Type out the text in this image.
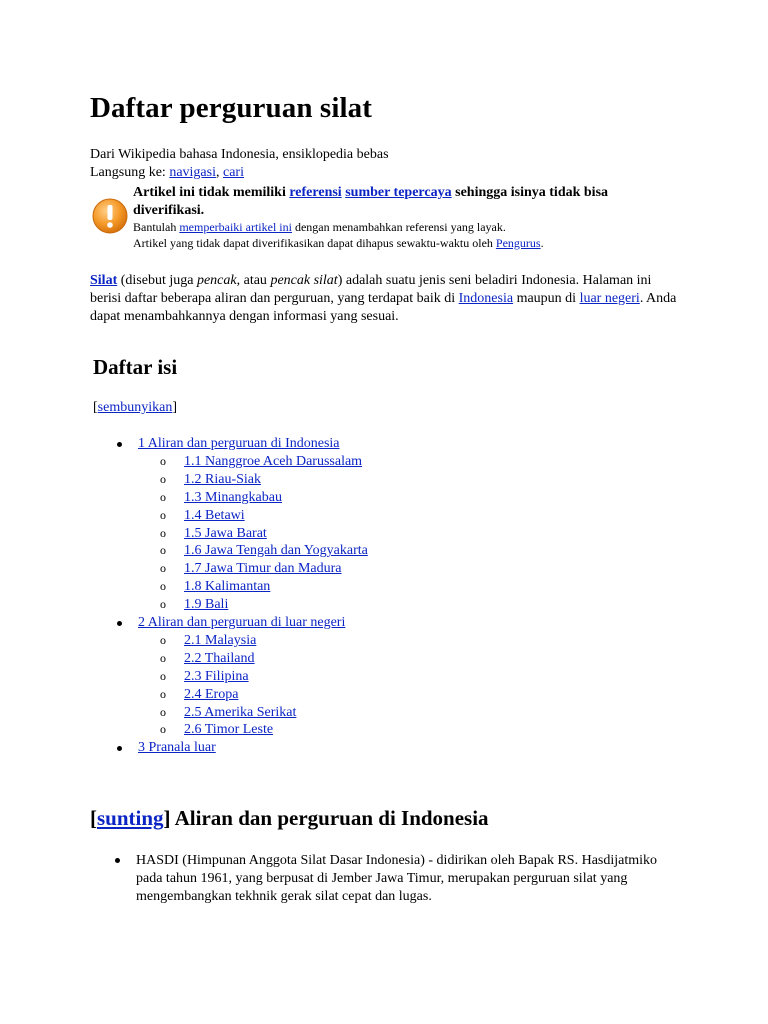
Daftar perguruan silat
Dari Wikipedia bahasa Indonesia, ensiklopedia bebas
Langsung ke: navigasi, cari
Artikel ini tidak memiliki referensi sumber tepercaya sehingga isinya tidak bisa diverifikasi.
Bantulah memperbaiki artikel ini dengan menambahkan referensi yang layak.
Artikel yang tidak dapat diverifikasikan dapat dihapus sewaktu-waktu oleh Pengurus.
Silat (disebut juga pencak, atau pencak silat) adalah suatu jenis seni beladiri Indonesia. Halaman ini berisi daftar beberapa aliran dan perguruan, yang terdapat baik di Indonesia maupun di luar negeri. Anda dapat menambahkannya dengan informasi yang sesuai.
Daftar isi
[sembunyikan]
1 Aliran dan perguruan di Indonesia
o 1.1 Nanggroe Aceh Darussalam
o 1.2 Riau-Siak
o 1.3 Minangkabau
o 1.4 Betawi
o 1.5 Jawa Barat
o 1.6 Jawa Tengah dan Yogyakarta
o 1.7 Jawa Timur dan Madura
o 1.8 Kalimantan
o 1.9 Bali
2 Aliran dan perguruan di luar negeri
o 2.1 Malaysia
o 2.2 Thailand
o 2.3 Filipina
o 2.4 Eropa
o 2.5 Amerika Serikat
o 2.6 Timor Leste
3 Pranala luar
[sunting] Aliran dan perguruan di Indonesia
HASDI (Himpunan Anggota Silat Dasar Indonesia) - didirikan oleh Bapak RS. Hasdijatmiko pada tahun 1961, yang berpusat di Jember Jawa Timur, merupakan perguruan silat yang mengembangkan tekhnik gerak silat cepat dan lugas.
